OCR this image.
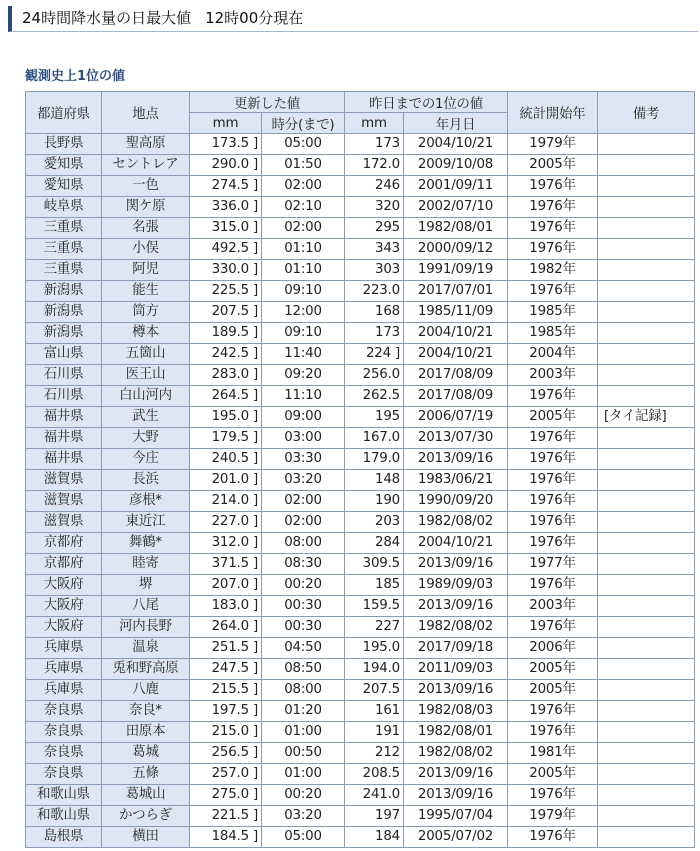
24時間降水量の日最大値 12時00分現在
観測史上1位の値
都道府県	地点	更新した値		昨日までの1位の値		統計開始年	備考
		mm	時分(まで)	mm	年月日		
長野県	聖高原	173.5 ]	05:00	173	2004/10/21	1979年	
愛知県	セントレア	290.0 ]	01:50	172.0	2009/10/08	2005年	
愛知県	一色	274.5 ]	02:00	246	2001/09/11	1976年	
岐阜県	関ケ原	336.0 ]	02:10	320	2002/07/10	1976年	
三重県	名張	315.0 ]	02:00	295	1982/08/01	1976年	
三重県	小俣	492.5 ]	01:10	343	2000/09/12	1976年	
三重県	阿児	330.0 ]	01:10	303	1991/09/19	1982年	
新潟県	能生	225.5 ]	09:10	223.0	2017/07/01	1976年	
新潟県	筒方	207.5 ]	12:00	168	1985/11/09	1985年	
新潟県	樽本	189.5 ]	09:10	173	2004/10/21	1985年	
富山県	五箇山	242.5 ]	11:40	224 ]	2004/10/21	2004年	
石川県	医王山	283.0 ]	09:20	256.0	2017/08/09	2003年	
石川県	白山河内	264.5 ]	11:10	262.5	2017/08/09	1976年	
福井県	武生	195.0 ]	09:00	195	2006/07/19	2005年	[タイ記録]
福井県	大野	179.5 ]	03:00	167.0	2013/07/30	1976年	
福井県	今庄	240.5 ]	03:30	179.0	2013/09/16	1976年	
滋賀県	長浜	201.0 ]	03:20	148	1983/06/21	1976年	
滋賀県	彦根*	214.0 ]	02:00	190	1990/09/20	1976年	
滋賀県	東近江	227.0 ]	02:00	203	1982/08/02	1976年	
京都府	舞鶴*	312.0 ]	08:00	284	2004/10/21	1976年	
京都府	睦寄	371.5 ]	08:30	309.5	2013/09/16	1977年	
大阪府	堺	207.0 ]	00:20	185	1989/09/03	1976年	
大阪府	八尾	183.0 ]	00:30	159.5	2013/09/16	2003年	
大阪府	河内長野	264.0 ]	00:30	227	1982/08/02	1976年	
兵庫県	温泉	251.5 ]	04:50	195.0	2017/09/18	2006年	
兵庫県	兎和野高原	247.5 ]	08:50	194.0	2011/09/03	2005年	
兵庫県	八鹿	215.5 ]	08:00	207.5	2013/09/16	2005年	
奈良県	奈良*	197.5 ]	01:20	161	1982/08/03	1976年	
奈良県	田原本	215.0 ]	01:00	191	1982/08/01	1976年	
奈良県	葛城	256.5 ]	00:50	212	1982/08/02	1981年	
奈良県	五條	257.0 ]	01:00	208.5	2013/09/16	2005年	
和歌山県	葛城山	275.0 ]	00:20	241.0	2013/09/16	1976年	
和歌山県	かつらぎ	221.5 ]	03:20	197	1995/07/04	1979年	
島根県	横田	184.5 ]	05:00	184	2005/07/02	1976年	
